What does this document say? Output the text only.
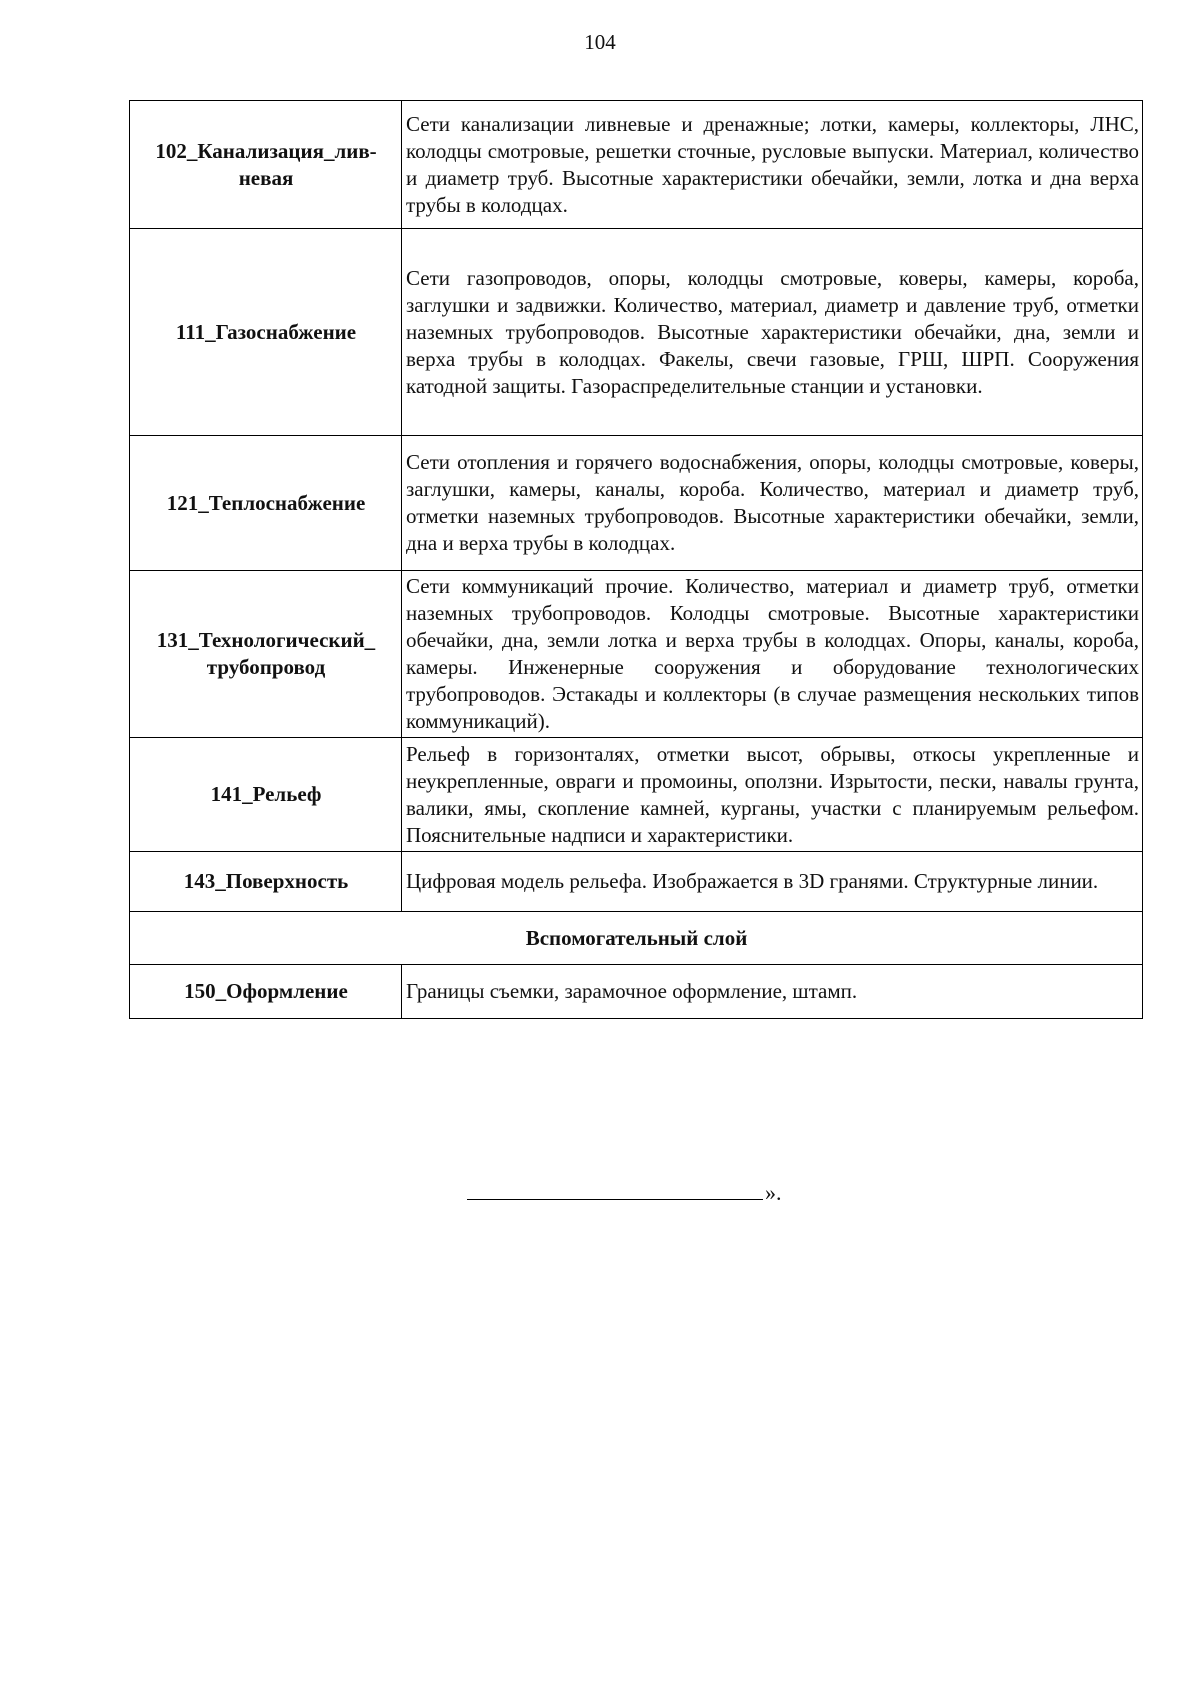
104
102_Канализация_лив-невая	Сети канализации ливневые и дренажные; лотки, камеры, коллекторы, ЛНС, колодцы смотровые, решетки сточные, русловые выпуски. Материал, количество и диаметр труб. Высотные характеристики обечайки, земли, лотка и дна верха трубы в колодцах.
111_Газоснабжение	Сети газопроводов, опоры, колодцы смотровые, коверы, камеры, короба, заглушки и задвижки. Количество, материал, диаметр и давление труб, отметки наземных трубопроводов. Высотные характеристики обечайки, дна, земли и верха трубы в колодцах. Факелы, свечи газовые, ГРШ, ШРП. Сооружения катодной защиты. Газораспределительные станции и установки.
121_Теплоснабжение	Сети отопления и горячего водоснабжения, опоры, колодцы смотровые, коверы, заглушки, камеры, каналы, короба. Количество, материал и диаметр труб, отметки наземных трубопроводов. Высотные характеристики обечайки, земли, дна и верха трубы в колодцах.
131_Технологический_ трубопровод	Сети коммуникаций прочие. Количество, материал и диаметр труб, отметки наземных трубопроводов. Колодцы смотровые. Высотные характеристики обечайки, дна, земли лотка и верха трубы в колодцах. Опоры, каналы, короба, камеры. Инженерные сооружения и оборудование технологических трубопроводов. Эстакады и коллекторы (в случае размещения нескольких типов коммуникаций).
141_Рельеф	Рельеф в горизонталях, отметки высот, обрывы, откосы укрепленные и неукрепленные, овраги и промоины, оползни. Изрытости, пески, навалы грунта, валики, ямы, скопление камней, курганы, участки с планируемым рельефом. Пояснительные надписи и характеристики.
143_Поверхность	Цифровая модель рельефа. Изображается в 3D гранями. Структурные линии.
Вспомогательный слой	
150_Оформление	Границы съемки, зарамочное оформление, штамп.
».
